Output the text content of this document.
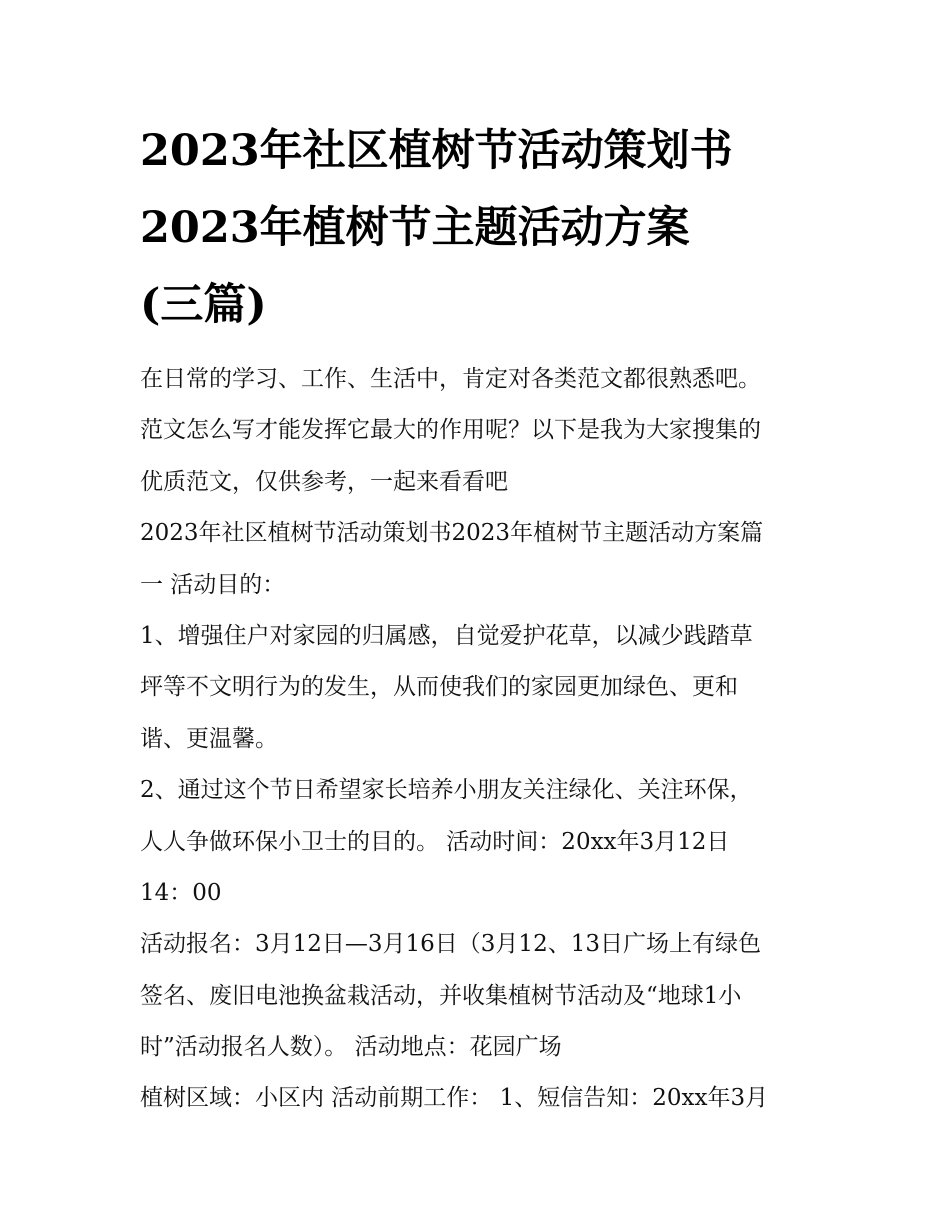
2023年社区植树节活动策划书
2023年植树节主题活动方案
(三篇)
在日常的学习、工作、生活中，肯定对各类范文都很熟悉吧。
范文怎么写才能发挥它最大的作用呢？以下是我为大家搜集的
优质范文，仅供参考，一起来看看吧
2023年社区植树节活动策划书2023年植树节主题活动方案篇
一 活动目的：
1、增强住户对家园的归属感，自觉爱护花草，以减少践踏草
坪等不文明行为的发生，从而使我们的家园更加绿色、更和
谐、更温馨。
2、通过这个节日希望家长培养小朋友关注绿化、关注环保，
人人争做环保小卫士的目的。 活动时间：20xx年3月12日
14：00
活动报名：3月12日—3月16日（3月12、13日广场上有绿色
签名、废旧电池换盆栽活动，并收集植树节活动及“地球1小
时”活动报名人数）。 活动地点：花园广场
植树区域：小区内 活动前期工作： 1、短信告知：20xx年3月
